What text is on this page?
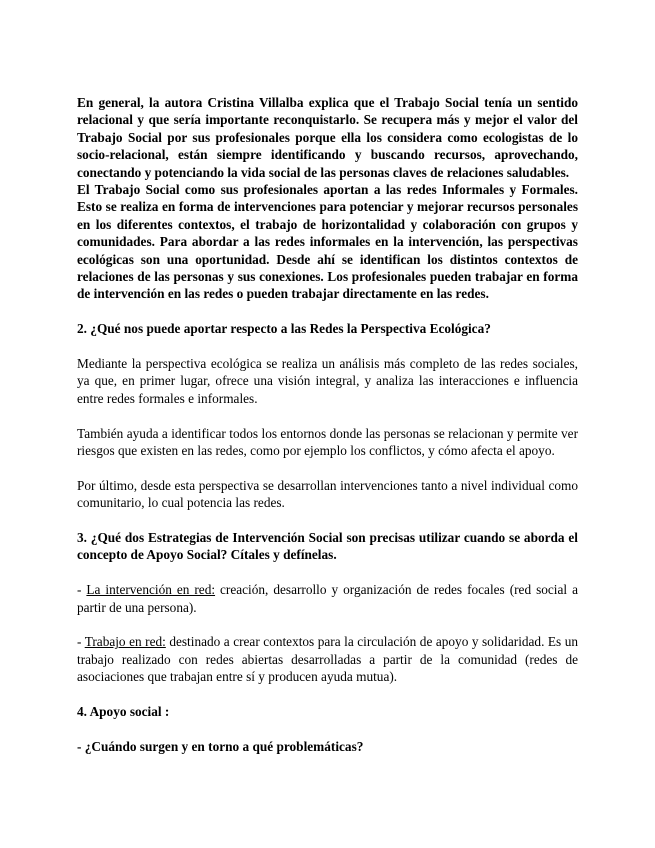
En general, la autora Cristina Villalba explica que el Trabajo Social tenía un sentido relacional y que sería importante reconquistarlo. Se recupera más y mejor el valor del Trabajo Social por sus profesionales porque ella los considera como ecologistas de lo socio-relacional, están siempre identificando y buscando recursos, aprovechando, conectando y potenciando la vida social de las personas claves de relaciones saludables.

El Trabajo Social como sus profesionales aportan a las redes Informales y Formales. Esto se realiza en forma de intervenciones para potenciar y mejorar recursos personales en los diferentes contextos, el trabajo de horizontalidad y colaboración con grupos y comunidades. Para abordar a las redes informales en la intervención, las perspectivas ecológicas son una oportunidad. Desde ahí se identifican los distintos contextos de relaciones de las personas y sus conexiones. Los profesionales pueden trabajar en forma de intervención en las redes o pueden trabajar directamente en las redes.

2. ¿Qué nos puede aportar respecto a las Redes la Perspectiva Ecológica?

Mediante la perspectiva ecológica se realiza un análisis más completo de las redes sociales, ya que, en primer lugar, ofrece una visión integral, y analiza las interacciones e influencia entre redes formales e informales.

También ayuda a identificar todos los entornos donde las personas se relacionan y permite ver riesgos que existen en las redes, como por ejemplo los conflictos, y cómo afecta el apoyo.

Por último, desde esta perspectiva se desarrollan intervenciones tanto a nivel individual como comunitario, lo cual potencia las redes.

3. ¿Qué dos Estrategias de Intervención Social son precisas utilizar cuando se aborda el concepto de Apoyo Social? Cítales y defínelas.

- La intervención en red: creación, desarrollo y organización de redes focales (red social a partir de una persona).

- Trabajo en red: destinado a crear contextos para la circulación de apoyo y solidaridad. Es un trabajo realizado con redes abiertas desarrolladas a partir de la comunidad (redes de asociaciones que trabajan entre sí y producen ayuda mutua).

4. Apoyo social :

- ¿Cuándo surgen y en torno a qué problemáticas?
